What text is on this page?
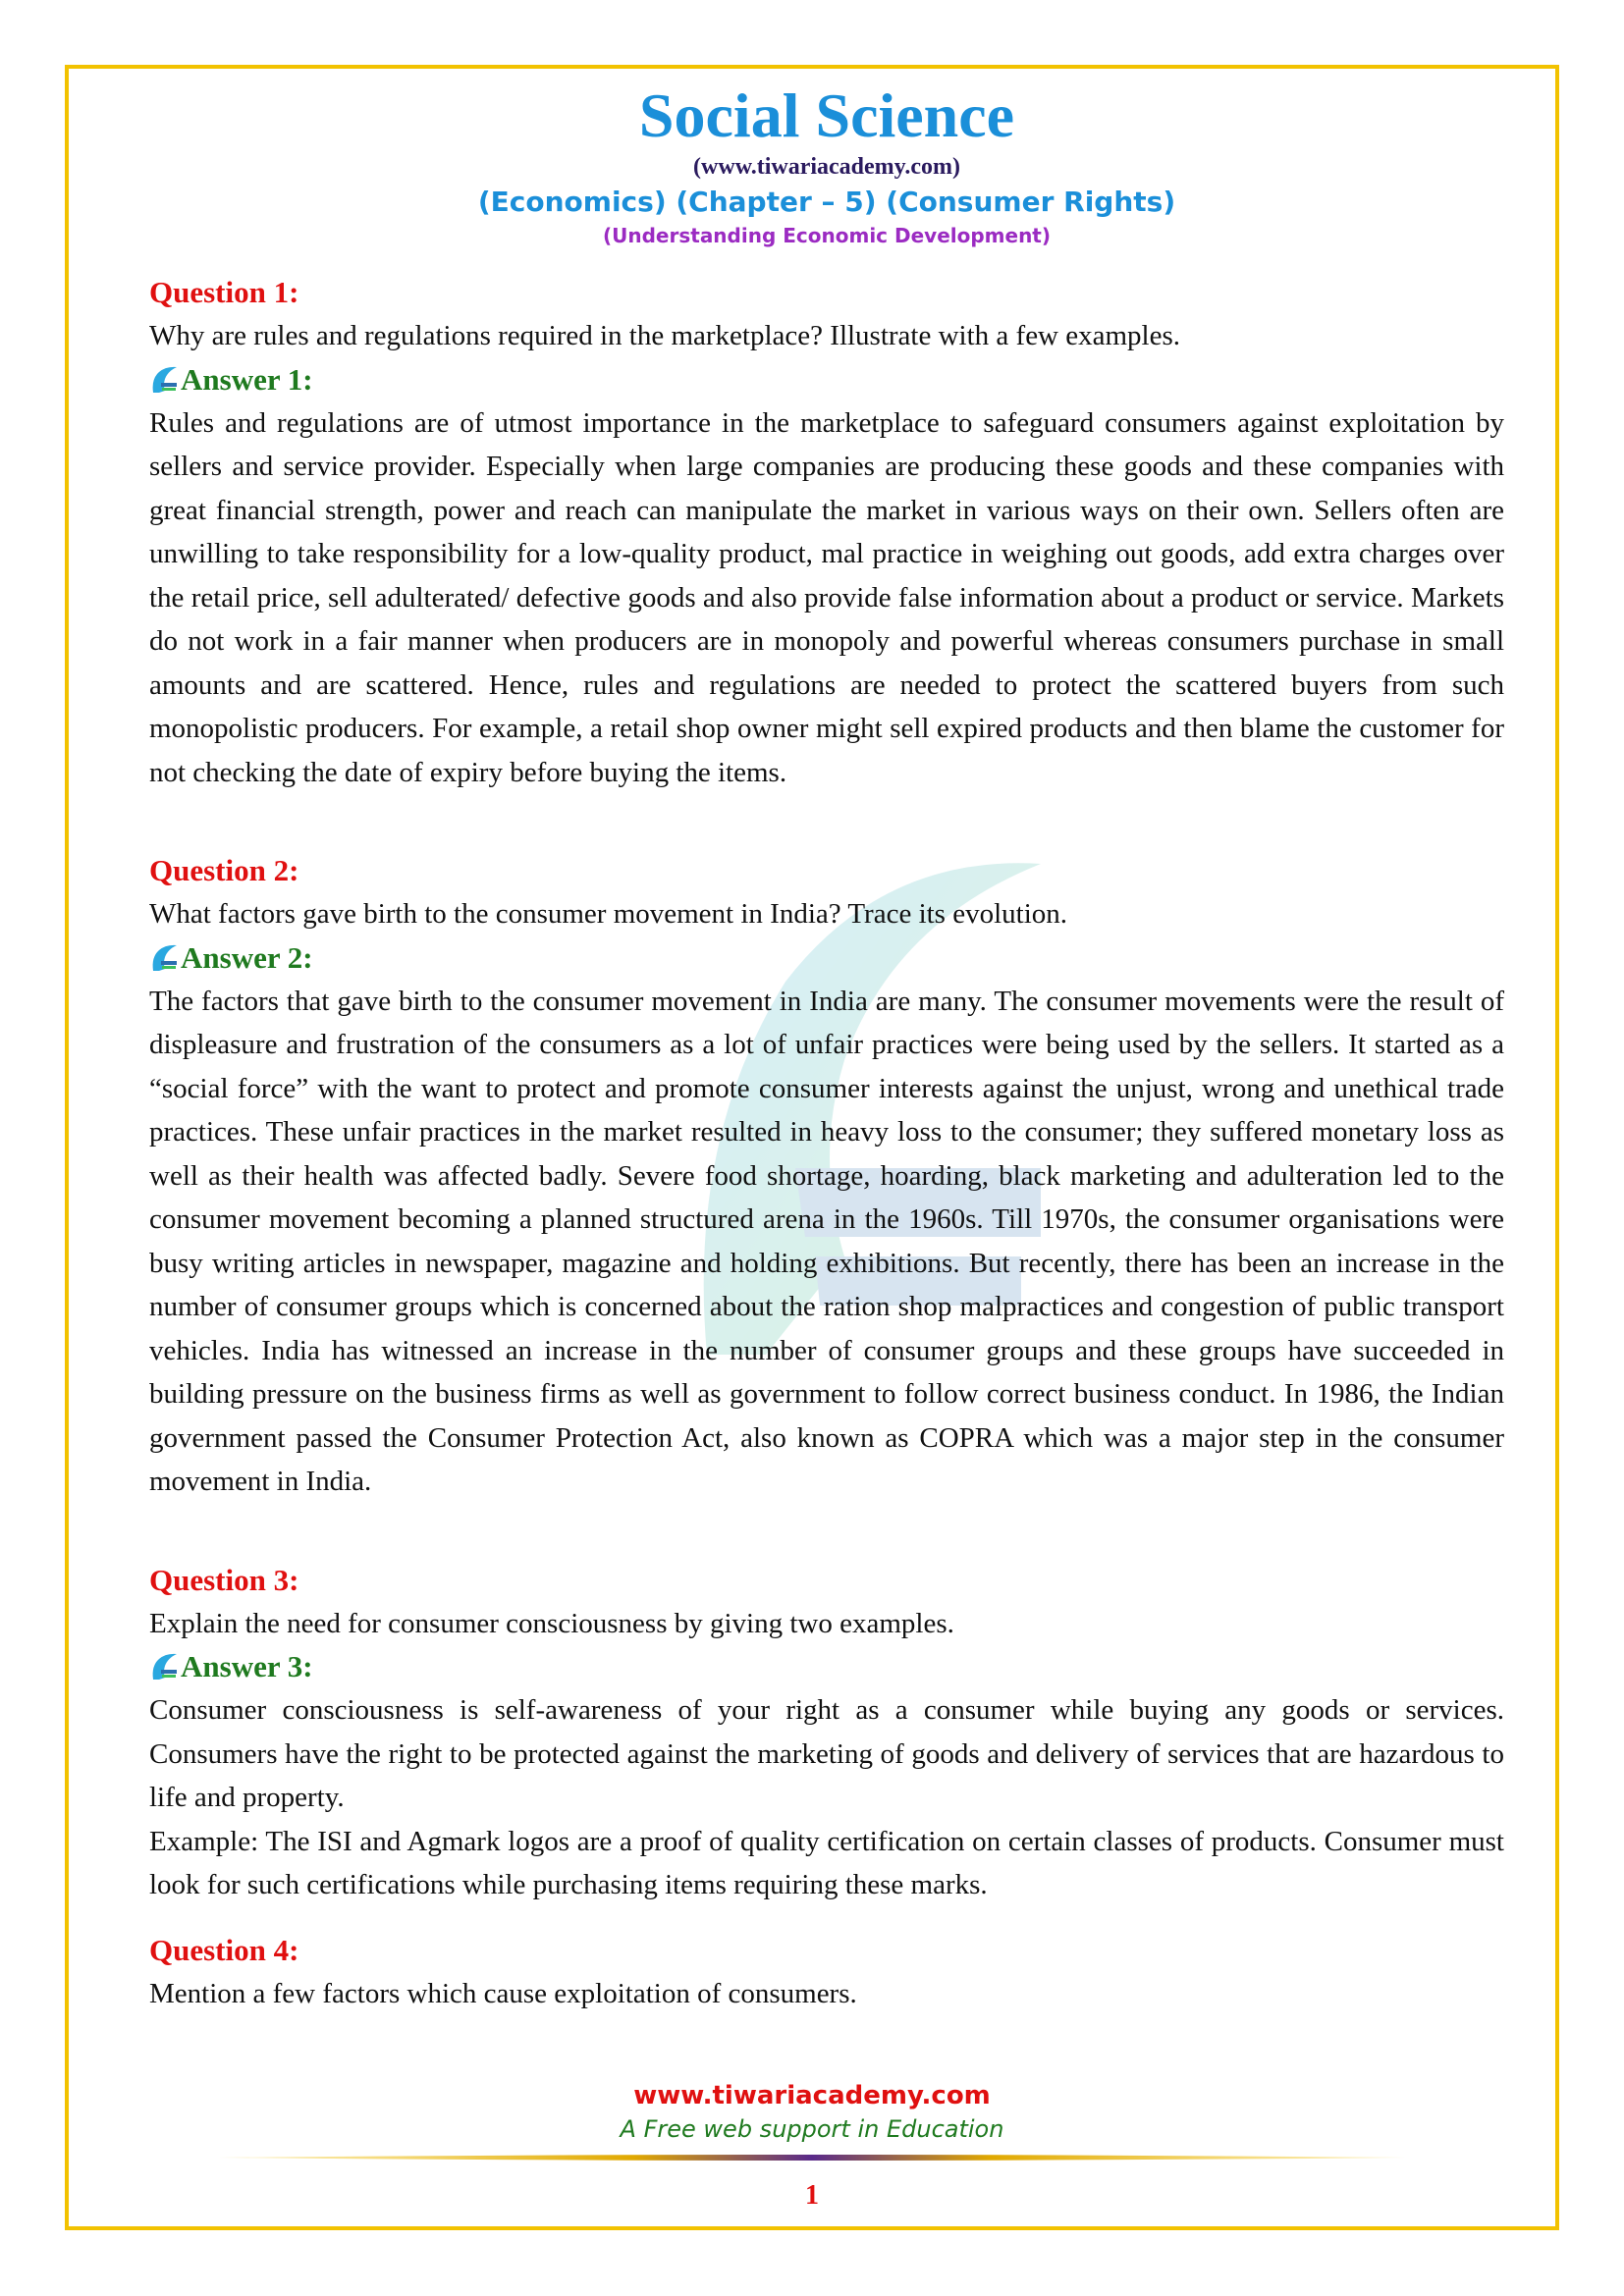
Social Science
(www.tiwariacademy.com)
(Economics) (Chapter – 5) (Consumer Rights)
(Understanding Economic Development)
Question 1:
Why are rules and regulations required in the marketplace? Illustrate with a few examples.
Answer 1:

Rules and regulations are of utmost importance in the marketplace to safeguard consumers against exploitation by sellers and service provider. Especially when large companies are producing these goods and these companies with great financial strength, power and reach can manipulate the market in various ways on their own. Sellers often are unwilling to take responsibility for a low-quality product, mal practice in weighing out goods, add extra charges over the retail price, sell adulterated/ defective goods and also provide false information about a product or service. Markets do not work in a fair manner when producers are in monopoly and powerful whereas consumers purchase in small amounts and are scattered. Hence, rules and regulations are needed to protect the scattered buyers from such monopolistic producers. For example, a retail shop owner might sell expired products and then blame the customer for not checking the date of expiry before buying the items.

Question 2:
What factors gave birth to the consumer movement in India? Trace its evolution.
Answer 2:

The factors that gave birth to the consumer movement in India are many. The consumer movements were the result of displeasure and frustration of the consumers as a lot of unfair practices were being used by the sellers. It started as a “social force” with the want to protect and promote consumer interests against the unjust, wrong and unethical trade practices. These unfair practices in the market resulted in heavy loss to the consumer; they suffered monetary loss as well as their health was affected badly. Severe food shortage, hoarding, black marketing and adulteration led to the consumer movement becoming a planned structured arena in the 1960s. Till 1970s, the consumer organisations were busy writing articles in newspaper, magazine and holding exhibitions. But recently, there has been an increase in the number of consumer groups which is concerned about the ration shop malpractices and congestion of public transport vehicles. India has witnessed an increase in the number of consumer groups and these groups have succeeded in building pressure on the business firms as well as government to follow correct business conduct. In 1986, the Indian government passed the Consumer Protection Act, also known as COPRA which was a major step in the consumer movement in India.

Question 3:
Explain the need for consumer consciousness by giving two examples.
Answer 3:

Consumer consciousness is self-awareness of your right as a consumer while buying any goods or services. Consumers have the right to be protected against the marketing of goods and delivery of services that are hazardous to life and property.

Example: The ISI and Agmark logos are a proof of quality certification on certain classes of products. Consumer must look for such certifications while purchasing items requiring these marks.

Question 4:
Mention a few factors which cause exploitation of consumers.
www.tiwariacademy.com
A Free web support in Education
1
